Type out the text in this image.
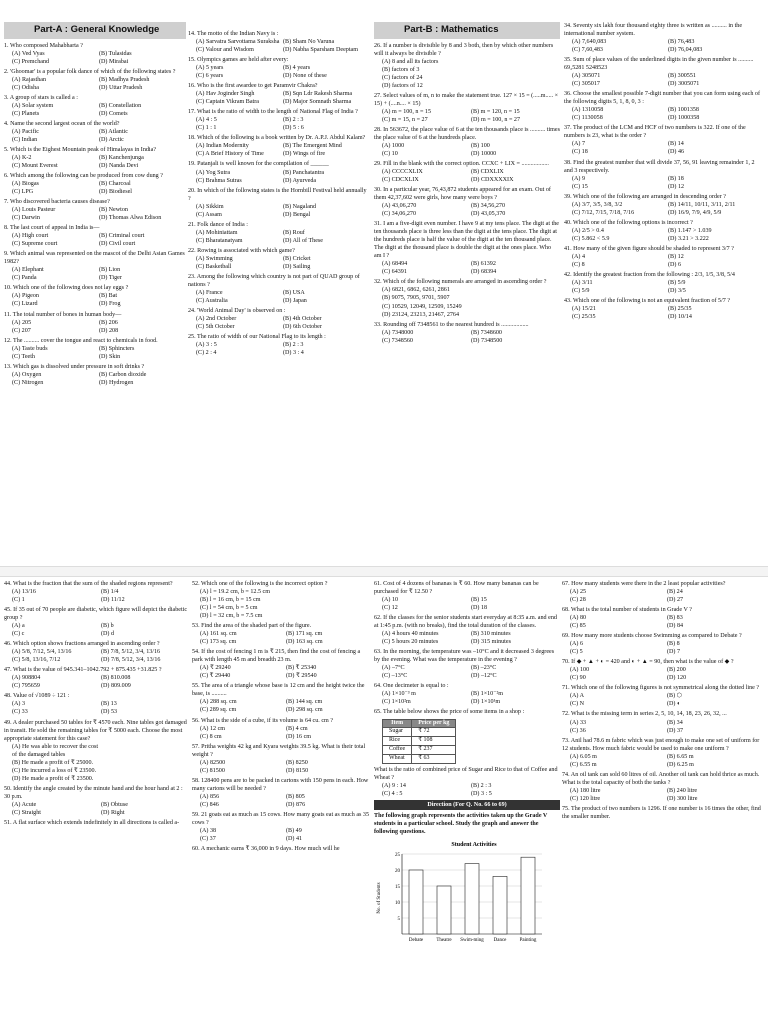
Part-A : General Knowledge
1. Who composed Mahabharta ?
(A) Ved Vyas	(B) Tulasidas
(C) Premchand	(D) Mirabai
2. 'Ghoomar' is a popular folk dance of which of the following states ?
(A) Rajasthan	(B) Madhya Pradesh
(C) Odisha	(D) Uttar Pradesh
3. A group of stars is called a :
(A) Solar system	(B) Constellation
(C) Planets	(D) Comets
4. Name the second largest ocean of the world?
(A) Pacific	(B) Atlantic
(C) Indian	(D) Arctic
5. Which is the Eighest Mountain peak of Himalayas in India?
(A) K-2	(B) Kanchenjunga
(C) Mount Everest	(D) Nanda Devi
6. Which among the following can be produced from cow dung ?
(A) Biogas	(B) Charcoal
(C) LPG	(D) Biodiesel
7. Who discovered bacteria causes disease?
(A) Louis Pasteur	(B) Newton
(C) Darwin	(D) Thomas Alwa Edison
8. The last court of appeal in India is—
(A) High court	(B) Criminal court
(C) Supreme court	(D) Civil court
9. Which animal was represented on the mascot of the Delhi Asian Games 1982?
(A) Elephant	(B) Lion
(C) Panda	(D) Tiger
10. Which one of the following does not lay eggs ?
(A) Pigeon	(B) Bat
(C) Lizard	(D) Frog
11. The total number of bones in human body—
(A) 205	(B) 206
(C) 207	(D) 208
12. The .......... cover the tongue and react to chemicals in food.
(A) Taste buds	(B) Sphincters
(C) Teeth	(D) Skin
13. Which gas is dissolved under pressure in soft drinks ?
(A) Oxygen	(B) Carbon dioxide
(C) Nitrogen	(D) Hydrogen
14. The motto of the Indian Navy is :
(A) Sarvatra Sarvottama Suraksha (B) Sham No Varuna
(C) Valour and Wisdom	(D) Nabha Sparsham Deeptam
15. Olympics games are held after every:
(A) 5 years	(B) 4 years
(C) 6 years	(D) None of these
16. Who is the first awardee to get Paramvir Chakra?
(A) Hav Joginder Singh	(B) Sqn Ldr Rakesh Sharma
(C) Captain Vikram Batra	(D) Major Somnath Sharma
17. What is the ratio of width to the length of National Flag of India ?
(A) 4 : 5	(B) 2 : 3
(C) 1 : 1	(D) 5 : 6
18. Which of the following is a book written by Dr. A.P.J. Abdul Kalam?
(A) Indian Modernity	(B) The Emergent Mind
(C) A Brief History of Time	(D) Wings of fire
19. Patanjali is well known for the compilation of ______
(A) Yog Sutra	(B) Panchatantra
(C) Brahma Sutras	(D) Ayurveda
20. In which of the following states is the Hornbill Festival held annually ?
(A) Sikkim	(B) Nagaland
(C) Assam	(D) Bengal
21. Folk dance of India :
(A) Mohiniattam	(B) Rouf
(C) Bharatanatyam	(D) All of These
22. Rowing is associated with which game?
(A) Swimming	(B) Cricket
(C) Basketball	(D) Sailing
23. Among the following which country is not part of QUAD group of nations ?
(A) France	(B) USA
(C) Australia	(D) Japan
24. 'World Animal Day' is observed on :
(A) 2nd October	(B) 4th October
(C) 5th October	(D) 6th October
25. The ratio of width of our National Flag to its length :
(A) 3 : 5	(B) 2 : 3
(C) 2 : 4	(D) 3 : 4
Part-B : Mathematics
26. If a number is divisible by 8 and 3 both, then by which other numbers will it always be divisible ?
(A) 8 and all its factors
(B) factors of 3
(C) factors of 24
(D) factors of 12
27. Select values of m, n to make the statement true. 127 × 15 = (.....m..... × 15) + (....n.... × 15)
(A) m = 100, n = 15	(B) m = 120, n = 15
(C) m = 15, n = 27	(D) m = 100, n = 27
28. In 563672, the place value of 6 at the ten thousands place is .......... times the place value of 6 at the hundreds place.
(A) 1000	(B) 100
(C) 10	(D) 10000
29. Fill in the blank with the correct option. CCXC + LIX = ..................
(A) CCCCXLIX	(B) CDXLIX
(C) CDCXLIX	(D) CDXXXXIX
30. In a particular year, 76,43,872 students appeared for an exam. Out of them 42,37,602 were girls, how many were boys ?
(A) 43,06,270	(B) 34,56,270
(C) 34,06,270	(D) 43,05,370
31. I am a five-digit even number. I have 9 at my tens place. The digit at the ten thousands place is three less than the digit at the tens place. The digit at the hundreds place is half the value of the digit at the ten thousand place. The digit at the thousand place is double the digit at the ones place. Who am I ?
(A) 68494	(B) 61392
(C) 64391	(D) 68394
32. Which of the following numerals are arranged in ascending order ?
(A) 6821, 6862, 6261, 2861
(B) 9075, 7905, 9701, 5907
(C) 10529, 12049, 12509, 15249
(D) 23124, 23213, 21467, 2764
33. Rounding off 7348561 to the nearest hundred is ..................
(A) 7348000	(B) 7348600
(C) 7348560	(D) 7348500
34. Seventy six lakh four thousand eighty three is written as .......... in the international number system.
(A) 7,640,083	(B) 76,483
(C) 7,60,483	(D) 76,04,083
35. Sum of place values of the underlined digits in the given number is .......... 69₂5281 5248523
(A) 305071	(B) 300551
(C) 305017	(D) 3005071
36. Choose the smallest possible 7-digit number that you can form using each of the following digits 5, 1, 8, 0, 3 :
(A) 1310058	(B) 1001358
(C) 1130058	(D) 1000358
37. The product of the LCM and HCF of two numbers is 322. If one of the numbers is 23, what is the order ?
(A) 7	(B) 14
(C) 18	(D) 46
38. Find the greatest number that will divide 37, 56, 91 leaving remainder 1, 2 and 3 respectively.
(A) 9	(B) 18
(C) 15	(D) 12
39. Which one of the following are arranged in descending order ?
(A) 3/7, 3/5, 3/8, 3/2	(B) 14/11, 10/11, 3/11, 2/11
(C) 7/12, 7/15, 7/18, 7/16	(D) 16/9, 7/9, 4/9, 5/9
40. Which one of the following options is incorrect ?
(A) 2/5 > 0.4	(B) 1.147 > 1.039
(C) 5.862 < 5.9	(D) 3.21 > 3.222
41. How many of the given figure should be shaded to represent 3/7 ?
(A) 4	(B) 12
(C) 8	(D) 6
42. Identify the greatest fraction from the following : 2/3, 1/5, 3/8, 5/4
(A) 3/11	(B) 5/9
(C) 5/9	(D) 3/5
43. Which one of the following is not an equivalent fraction of 5/7 ?
(A) 15/21	(B) 25/35
(C) 25/35	(D) 10/14
44. What is the fraction that the sum of the shaded regions represent?
(A) 13/16	(B) 1/4
(C) 1	(D) 11/12
45. If 35 out of 70 people are diabetic, which figure will depict the diabetic group ?
(A) a	(B) b
(C) c	(D) d
46. Which option shows fractions arranged in ascending order ?
(A) 5/8, 7/12, 5/4, 13/16	(B) 7/8, 5/12, 3/4, 13/16
(C) 5/8, 13/16, 7/12	(D) 7/8, 5/12, 3/4, 13/16
47. What is the value of 945.341–1042.792 + 875.435 +31.825 ?
(A) 908804	(B) 810.008
(C) 795659	(D) 809.009
48. Value of √1089 ÷ 121 :
(A) 3	(B) 13
(C) 33	(D) 53
49. A dealer purchased 50 tables for ₹ 4570 each. Nine tables got damaged in transit. He sold the remaining tables for ₹ 5000 each. Choose the most appropriate statement for this case?
(A) He was able to recover the cost of the damaged tables
(B) He made a profit of ₹ 25000.
(C) He incurred a loss of ₹ 23500.
(D) He made a profit of ₹ 23500.
50. Identify the angle created by the minute hand and the hour hand at 2 : 30 p.m.
(A) Acute	(B) Obtuse
(C) Straight	(D) Right
51. A flat surface which extends indefinitely in all directions is called a-
52. Which one of the following is the incorrect option ?
(A) l = 19.2 cm, b = 12.5 cm
(B) l = 16 cm, b = 15 cm
(C) l = 54 cm, b = 5 cm
(D) l = 32 cm, b = 7.5 cm
53. Find the area of the shaded part of the figure.
(A) 161 sq. cm	(B) 171 sq. cm
(C) 173 sq. cm	(D) 163 sq. cm
54. If the cost of fencing 1 m is ₹ 215, then find the cost of fencing a park with length 45 m and breadth 23 m.
(A) ₹ 29240	(B) ₹ 25340
(C) ₹ 29440	(D) ₹ 29540
55. The area of a triangle whose base is 12 cm and the height twice the base, is ..........
(A) 288 sq. cm	(B) 144 sq. cm
(C) 289 sq. cm	(D) 298 sq. cm
56. What is the side of a cube, if its volume is 64 cu. cm ?
(A) 12 cm	(B) 4 cm
(C) 8 cm	(D) 16 cm
57. Pritha weights 42 kg and Kyara weights 39.5 kg. What is their total weight ?
(A) 82500	(B) 8250
(C) 81500	(D) 8150
58. 128400 pens are to be packed in cartons with 150 pens in each. How many cartons will be needed ?
(A) 856	(B) 805
(C) 846	(D) 876
59. 21 goats eat as much as 15 cows. How many goats eat as much as 35 cows ?
(A) 38	(B) 49
(C) 37	(D) 41
60. A mechanic earns ₹ 36,000 in 9 days. How much will he
61. Cost of 4 dozens of bananas is ₹ 60. How many bananas can be purchased for ₹ 12.50 ?
(A) 10	(B) 15
(C) 12	(D) 18
62. If the classes for the senior students start everyday at 8:35 a.m. and end at 1:45 p.m. (with no breaks), find the total duration of the classes.
(A) 4 hours 40 minutes	(B) 310 minutes
(C) 5 hours 20 minutes	(D) 315 minutes
63. In the morning, the temperature was –10°C and it decreased 3 degrees by the evening. What was the temperature in the evening ?
(A) –7°C	(B) –23°C
(C) –13°C	(D) –12°C
64. One decimeter is equal to :
(A) 1×10⁻³ m	(B) 1×10⁻²m
(C) 1×10²m	(D) 1×10¹m
65. The table below shows the price of some items in a shop :
Item	Price per kg
Sugar	₹ 72
Rice	₹ 108
Coffee	₹ 237
Wheat	₹ 63
What is the ratio of combined price of Sugar and Rice to that of Coffee and Wheat ?
(A) 9 : 14	(B) 2 : 3
(C) 4 : 5	(D) 3 : 5
Direction (For Q. No. 66 to 69)
The following graph represents the activities taken up the Grade V students in a particular school. Study the graph and answer the following questions.
Student Activities
No. of Students
25
20
15
10
5
Debate	Theatre Swim-ming Dance	Painting
67. How many students were there in the 2 least popular activities?
(A) 25	(B) 24
(C) 28	(D) 27
68. What is the total number of students in Grade V ?
(A) 80	(B) 83
(C) 85	(D) 84
69. How many more students choose Swimming as compared to Debate ?
(A) 6	(B) 8
(C) 5	(D) 7
70. If ◆ + ▲ + ◐ = 420 and ◐ + ▲ = 90, then what is the value of ◆ ?
(A) 100	(B) 200
(C) 90	(D) 120
71. Which one of the following figures is not symmetrical along the dotted line ?
(A) A	(B) ⬡
(C) N	(D) ◐
72. What is the missing term in series 2, 5, 10, 14, 18, 23, 26, 32, ...
(A) 33	(B) 34
(C) 36	(D) 37
73. Anil had 78.6 m fabric which was just enough to make one set of uniform for 12 students. How much fabric would be used to make one uniform ?
(A) 6.05 m	(B) 6.65 m
(C) 6.55 m	(D) 6.25 m
74. An oil tank can sold 60 litres of oil. Another oil tank can hold thrice as much. What is the total capacity of both the tanks ?
(A) 180 litre	(B) 240 litre
(C) 120 litre	(D) 300 litre
75. The product of two numbers is 1296. If one number is 16 times the other, find the smaller number.
